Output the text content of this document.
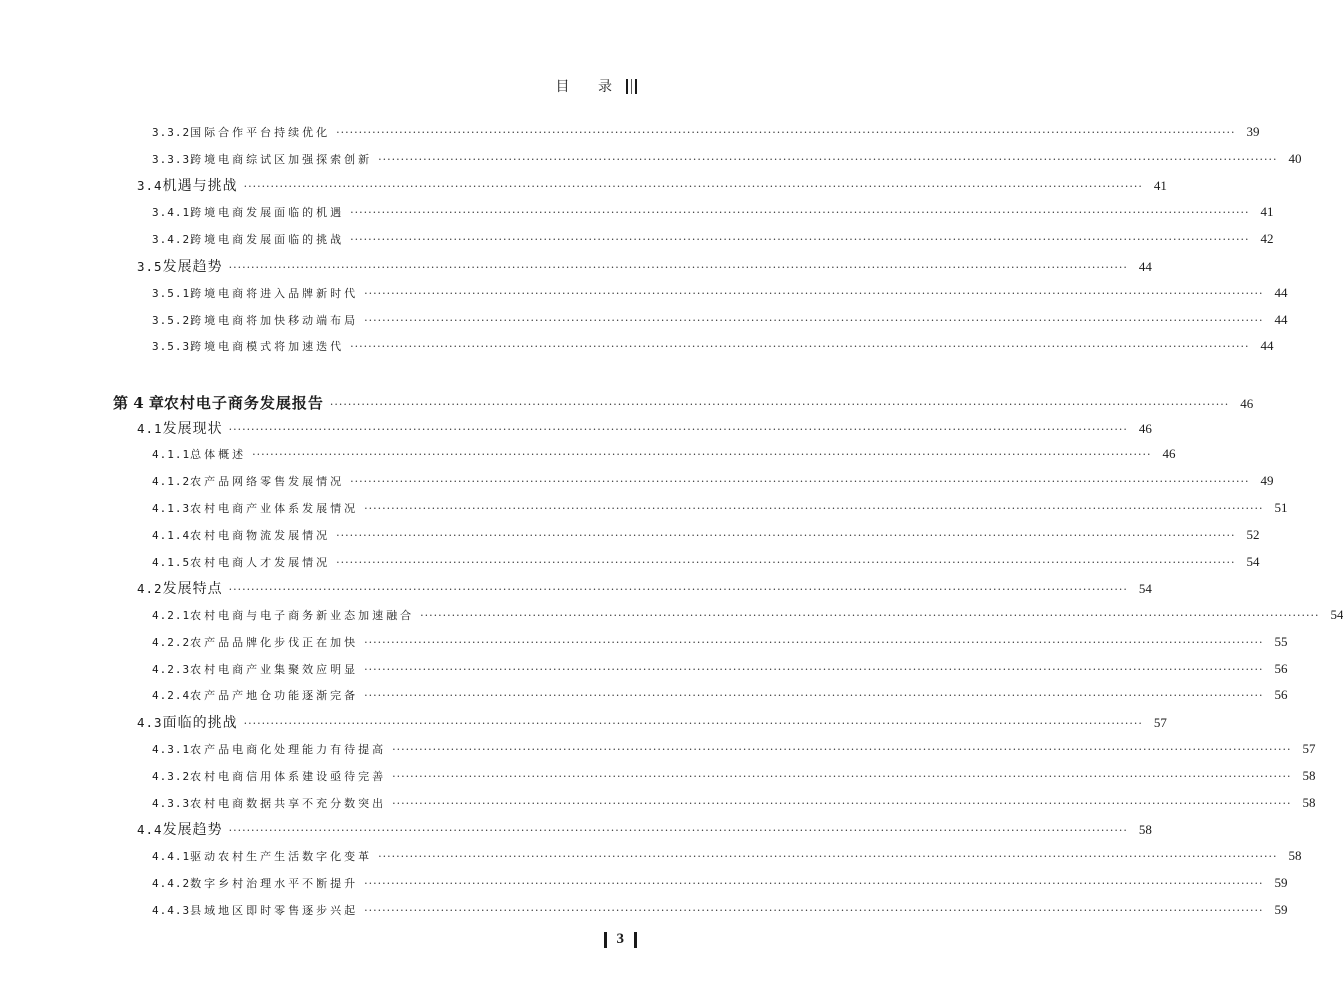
目 录
3.3.2 国际合作平台持续优化 ········································································································································································································ 39
3.3.3 跨境电商综试区加强探索创新 ········································································································································································································ 40
3.4 机遇与挑战 ········································································································································································································ 41
3.4.1 跨境电商发展面临的机遇 ········································································································································································································ 41
3.4.2 跨境电商发展面临的挑战 ········································································································································································································ 42
3.5 发展趋势 ········································································································································································································ 44
3.5.1 跨境电商将进入品牌新时代 ········································································································································································································ 44
3.5.2 跨境电商将加快移动端布局 ········································································································································································································ 44
3.5.3 跨境电商模式将加速迭代 ········································································································································································································ 44
第 4 章 农村电子商务发展报告 ········································································································································································································ 46
4.1 发展现状 ········································································································································································································ 46
4.1.1 总体概述 ········································································································································································································ 46
4.1.2 农产品网络零售发展情况 ········································································································································································································ 49
4.1.3 农村电商产业体系发展情况 ········································································································································································································ 51
4.1.4 农村电商物流发展情况 ········································································································································································································ 52
4.1.5 农村电商人才发展情况 ········································································································································································································ 54
4.2 发展特点 ········································································································································································································ 54
4.2.1 农村电商与电子商务新业态加速融合 ········································································································································································································ 54
4.2.2 农产品品牌化步伐正在加快 ········································································································································································································ 55
4.2.3 农村电商产业集聚效应明显 ········································································································································································································ 56
4.2.4 农产品产地仓功能逐渐完备 ········································································································································································································ 56
4.3 面临的挑战 ········································································································································································································ 57
4.3.1 农产品电商化处理能力有待提高 ········································································································································································································ 57
4.3.2 农村电商信用体系建设亟待完善 ········································································································································································································ 58
4.3.3 农村电商数据共享不充分数突出 ········································································································································································································ 58
4.4 发展趋势 ········································································································································································································ 58
4.4.1 驱动农村生产生活数字化变革 ········································································································································································································ 58
4.4.2 数字乡村治理水平不断提升 ········································································································································································································ 59
4.4.3 县域地区即时零售逐步兴起 ········································································································································································································ 59
3
